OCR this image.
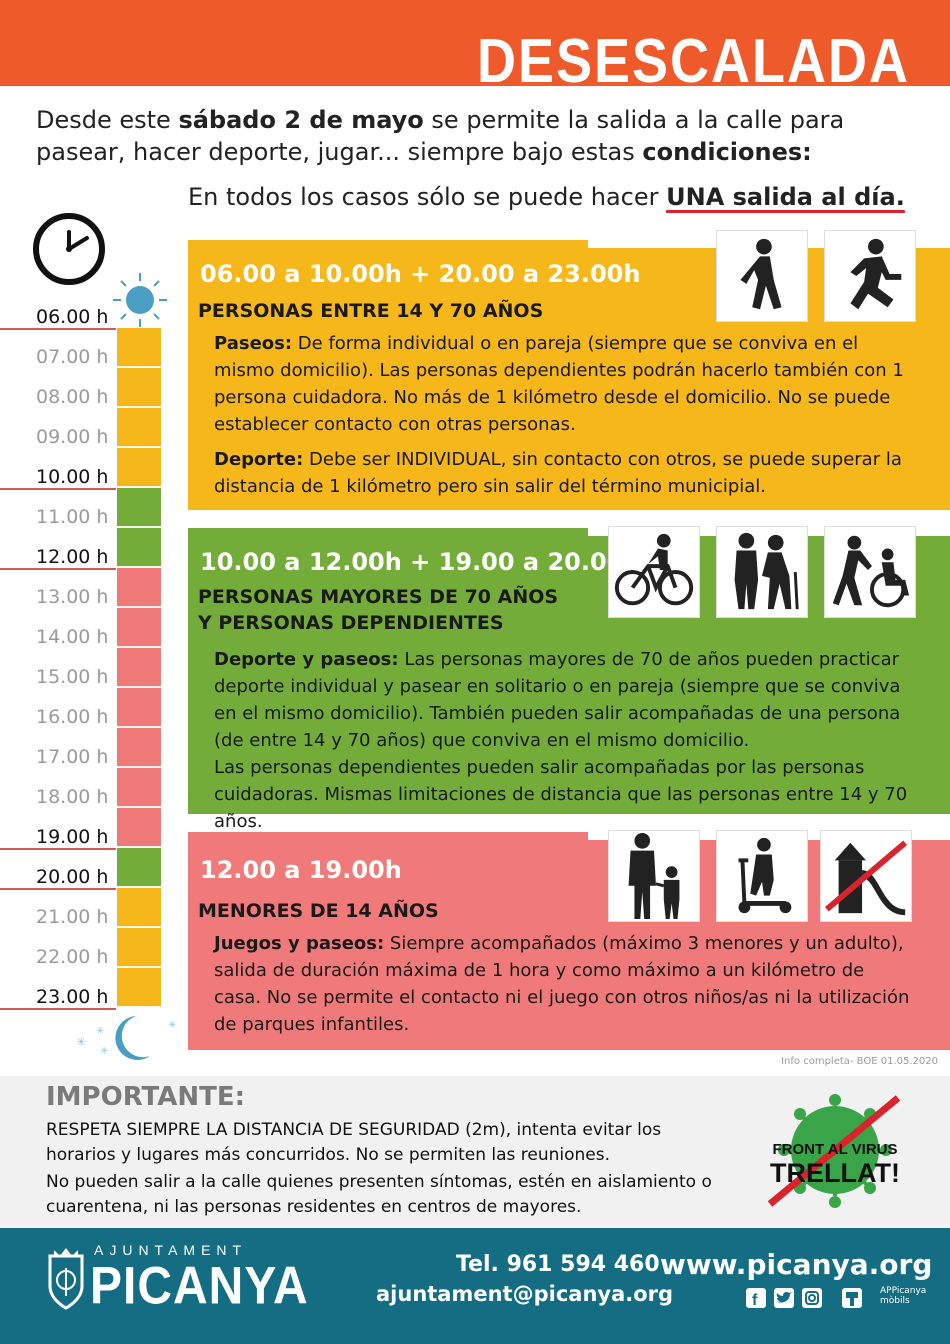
DESESCALADA
Desde este sábado 2 de mayo se permite la salida a la calle para pasear, hacer deporte, jugar... siempre bajo estas condiciones:
En todos los casos sólo se puede hacer UNA salida al día.
06.00 h
07.00 h
08.00 h
09.00 h
10.00 h
11.00 h
12.00 h
13.00 h
14.00 h
15.00 h
16.00 h
17.00 h
18.00 h
19.00 h
20.00 h
21.00 h
22.00 h
23.00 h
✳
✳
✳
✳
06.00 a 10.00h + 20.00 a 23.00h
PERSONAS ENTRE 14 Y 70 AÑOS
Paseos: De forma individual o en pareja (siempre que se conviva en el mismo domicilio). Las personas dependientes podrán hacerlo también con 1 persona cuidadora. No más de 1 kilómetro desde el domicilio. No se puede establecer contacto con otras personas.
Deporte: Debe ser INDIVIDUAL, sin contacto con otros, se puede superar la distancia de 1 kilómetro pero sin salir del término municipial.
10.00 a 12.00h + 19.00 a 20.00h
PERSONAS MAYORES DE 70 AÑOS
Y PERSONAS DEPENDIENTES
Deporte y paseos: Las personas mayores de 70 de años pueden practicar deporte individual y pasear en solitario o en pareja (siempre que se conviva en el mismo domicilio). También pueden salir acompañadas de una persona (de entre 14 y 70 años) que conviva en el mismo domicilio.
Las personas dependientes pueden salir acompañadas por las personas cuidadoras. Mismas limitaciones de distancia que las personas entre 14 y 70 años.
12.00 a 19.00h
MENORES DE 14 AÑOS
Juegos y paseos: Siempre acompañados (máximo 3 menores y un adulto), salida de duración máxima de 1 hora y como máximo a un kilómetro de casa. No se permite el contacto ni el juego con otros niños/as ni la utilización de parques infantiles.
Info completa- BOE 01.05.2020
IMPORTANTE:

RESPETA SIEMPRE LA DISTANCIA DE SEGURIDAD (2m), intenta evitar los horarios y lugares más concurridos. No se permiten las reuniones.

No pueden salir a la calle quienes presenten síntomas, estén en aislamiento o cuarentena, ni las personas residentes en centros de mayores.

FRONT AL VIRUS
TRELLAT!
AJUNTAMENT
PICANYA	Tel. 961 594 460
ajuntament@picanya.org
www.picanya.org
f
APPicanya
mòbils
